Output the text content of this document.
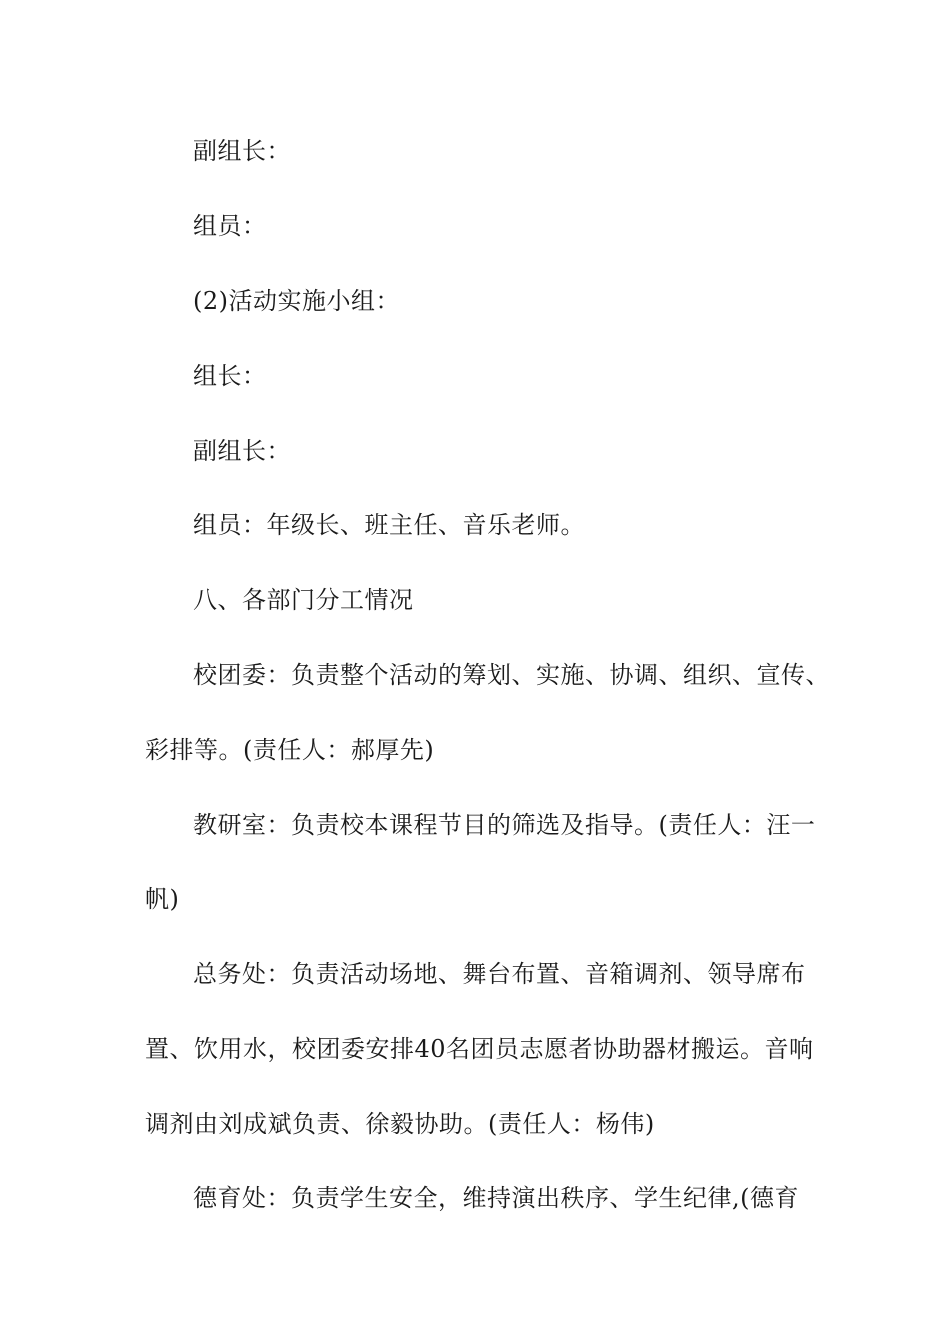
副组长：
组员：
(2)活动实施小组：
组长：
副组长：
组员：年级长、班主任、音乐老师。
八、各部门分工情况
校团委：负责整个活动的筹划、实施、协调、组织、宣传、
彩排等。(责任人：郝厚先)
教研室：负责校本课程节目的筛选及指导。(责任人：汪一
帆)
总务处：负责活动场地、舞台布置、音箱调剂、领导席布
置、饮用水，校团委安排40名团员志愿者协助器材搬运。音响
调剂由刘成斌负责、徐毅协助。(责任人：杨伟)
德育处：负责学生安全，维持演出秩序、学生纪律,(德育
